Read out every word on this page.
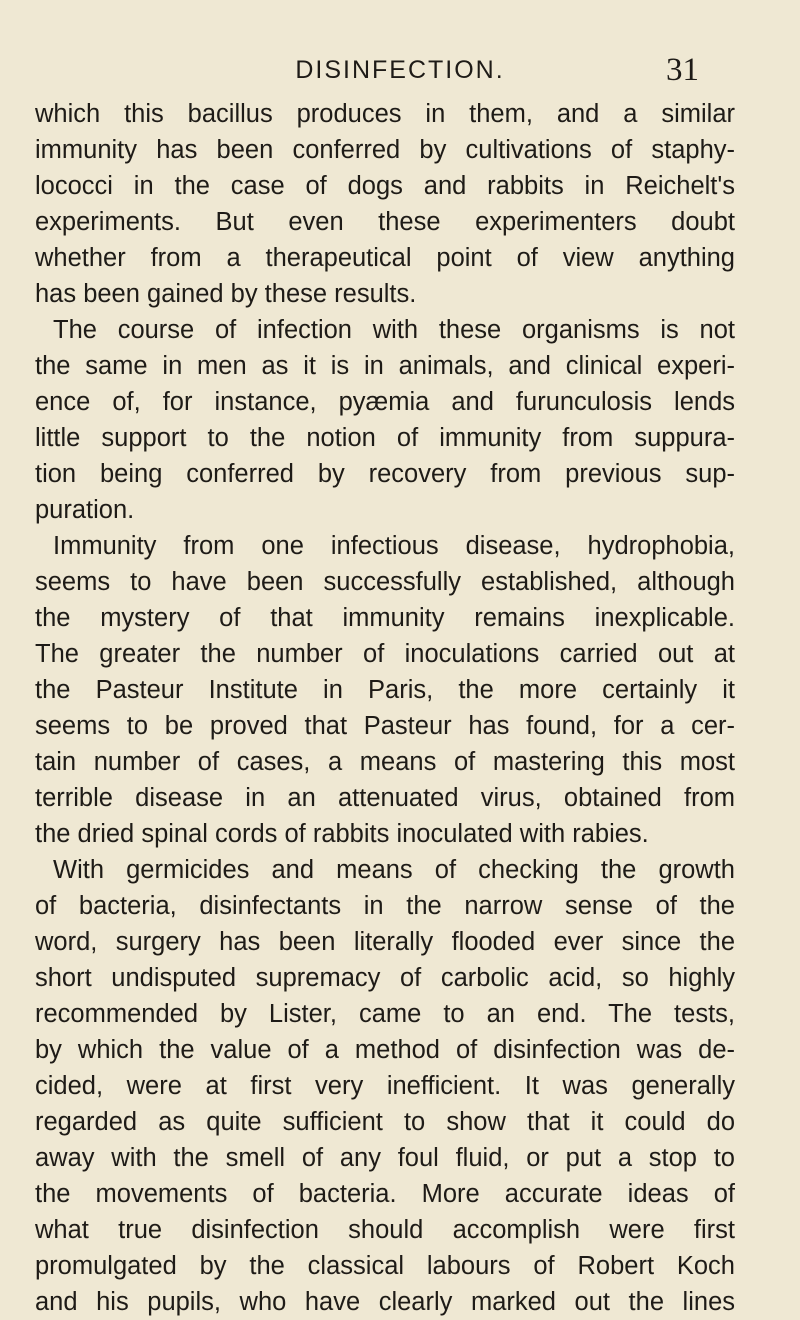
DISINFECTION.	31
which this bacillus produces in them, and a similar
immunity has been conferred by cultivations of staphy-
lococci in the case of dogs and rabbits in Reichelt's
experiments. But even these experimenters doubt
whether from a therapeutical point of view anything
has been gained by these results.
The course of infection with these organisms is not
the same in men as it is in animals, and clinical experi-
ence of, for instance, pyæmia and furunculosis lends
little support to the notion of immunity from suppura-
tion being conferred by recovery from previous sup-
puration.
Immunity from one infectious disease, hydrophobia,
seems to have been successfully established, although
the mystery of that immunity remains inexplicable.
The greater the number of inoculations carried out at
the Pasteur Institute in Paris, the more certainly it
seems to be proved that Pasteur has found, for a cer-
tain number of cases, a means of mastering this most
terrible disease in an attenuated virus, obtained from
the dried spinal cords of rabbits inoculated with rabies.
With germicides and means of checking the growth
of bacteria, disinfectants in the narrow sense of the
word, surgery has been literally flooded ever since the
short undisputed supremacy of carbolic acid, so highly
recommended by Lister, came to an end. The tests,
by which the value of a method of disinfection was de-
cided, were at first very inefficient. It was generally
regarded as quite sufficient to show that it could do
away with the smell of any foul fluid, or put a stop to
the movements of bacteria. More accurate ideas of
what true disinfection should accomplish were first
promulgated by the classical labours of Robert Koch
and his pupils, who have clearly marked out the lines
